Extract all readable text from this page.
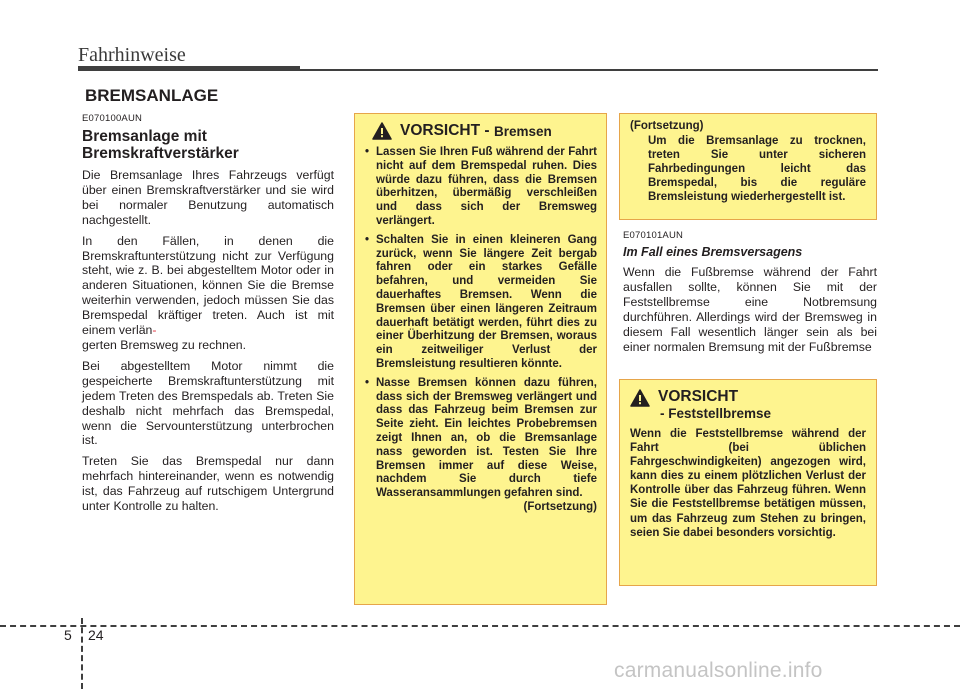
Fahrhinweise
BREMSANLAGE

E070100AUN

Bremsanlage mit Bremskraftverstärker

Die Bremsanlage Ihres Fahrzeugs verfügt über einen Bremskraftverstärker und sie wird bei normaler Benutzung automatisch nachgestellt.

In den Fällen, in denen die Bremskraftunterstützung nicht zur Verfügung steht, wie z. B. bei abgestelltem Motor oder in anderen Situationen, können Sie die Bremse weiterhin verwenden, jedoch müssen Sie das Bremspedal kräftiger treten. Auch ist mit einem verlän-

gerten Bremsweg zu rechnen.

Bei abgestelltem Motor nimmt die gespeicherte Bremskraftunterstützung mit jedem Treten des Bremspedals ab. Treten Sie deshalb nicht mehrfach das Bremspedal, wenn die Servounterstützung unterbrochen ist.

Treten Sie das Bremspedal nur dann mehrfach hintereinander, wenn es notwendig ist, das Fahrzeug auf rutschigem Untergrund unter Kontrolle zu halten.

VORSICHT -
Bremsen
• Lassen Sie Ihren Fuß während der Fahrt nicht auf dem Bremspedal ruhen. Dies würde dazu führen, dass die Bremsen überhitzen, übermäßig verschleißen und dass sich der Bremsweg verlängert.
• Schalten Sie in einen kleineren Gang zurück, wenn Sie längere Zeit bergab fahren oder ein starkes Gefälle befahren, und vermeiden Sie dauerhaftes Bremsen. Wenn die Bremsen über einen längeren Zeitraum dauerhaft betätigt werden, führt dies zu einer Überhitzung der Bremsen, woraus ein zeitweiliger Verlust der Bremsleistung resultieren könnte.
• Nasse Bremsen können dazu führen, dass sich der Bremsweg verlängert und dass das Fahrzeug beim Bremsen zur Seite zieht. Ein leichtes Probebremsen zeigt Ihnen an, ob die Bremsanlage nass geworden ist. Testen Sie Ihre Bremsen immer auf diese Weise, nachdem Sie durch tiefe Wasseransammlungen gefahren sind.

(Fortsetzung)

(Fortsetzung)

Um die Bremsanlage zu trocknen, treten Sie unter sicheren Fahrbedingungen leicht das Bremspedal, bis die reguläre Bremsleistung wiederhergestellt ist.

E070101AUN

Im Fall eines Bremsversagens

Wenn die Fußbremse während der Fahrt ausfallen sollte, können Sie mit der Feststellbremse eine Notbremsung durchführen. Allerdings wird der Bremsweg in diesem Fall wesentlich länger sein als bei einer normalen Bremsung mit der Fußbremse

VORSICHT
- Feststellbremse

Wenn die Feststellbremse während der Fahrt (bei üblichen Fahrgeschwindigkeiten) angezogen wird, kann dies zu einem plötzlichen Verlust der Kontrolle über das Fahrzeug führen. Wenn Sie die Feststellbremse betätigen müssen, um das Fahrzeug zum Stehen zu bringen, seien Sie dabei besonders vorsichtig.

5 24
carmanualsonline.info
